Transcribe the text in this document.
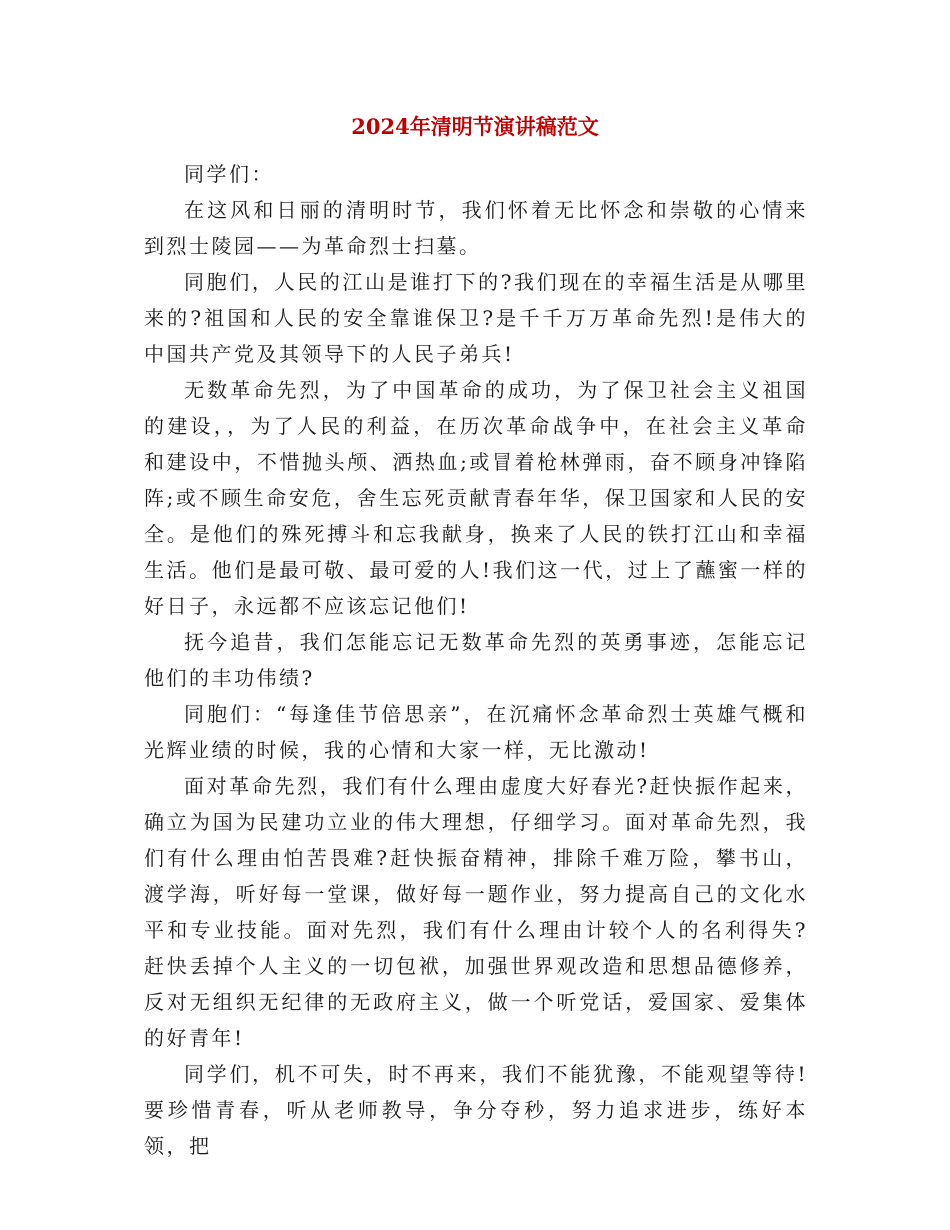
2024年清明节演讲稿范文

同学们：

在这风和日丽的清明时节，我们怀着无比怀念和崇敬的心情来到烈士陵园——为革命烈士扫墓。

同胞们，人民的江山是谁打下的?我们现在的幸福生活是从哪里来的?祖国和人民的安全靠谁保卫?是千千万万革命先烈!是伟大的中国共产党及其领导下的人民子弟兵!

无数革命先烈，为了中国革命的成功，为了保卫社会主义祖国的建设，，为了人民的利益，在历次革命战争中，在社会主义革命和建设中，不惜抛头颅、洒热血;或冒着枪林弹雨，奋不顾身冲锋陷阵;或不顾生命安危，舍生忘死贡献青春年华，保卫国家和人民的安全。是他们的殊死搏斗和忘我献身，换来了人民的铁打江山和幸福生活。他们是最可敬、最可爱的人!我们这一代，过上了蘸蜜一样的好日子，永远都不应该忘记他们!

抚今追昔，我们怎能忘记无数革命先烈的英勇事迹，怎能忘记他们的丰功伟绩?

同胞们：“每逢佳节倍思亲”，在沉痛怀念革命烈士英雄气概和光辉业绩的时候，我的心情和大家一样，无比激动!

面对革命先烈，我们有什么理由虚度大好春光?赶快振作起来，确立为国为民建功立业的伟大理想，仔细学习。面对革命先烈，我们有什么理由怕苦畏难?赶快振奋精神，排除千难万险，攀书山，渡学海，听好每一堂课，做好每一题作业，努力提高自己的文化水平和专业技能。面对先烈，我们有什么理由计较个人的名利得失?赶快丢掉个人主义的一切包袱，加强世界观改造和思想品德修养，反对无组织无纪律的无政府主义，做一个听党话，爱国家、爱集体的好青年!

同学们，机不可失，时不再来，我们不能犹豫，不能观望等待!要珍惜青春，听从老师教导，争分夺秒，努力追求进步，练好本领，把
